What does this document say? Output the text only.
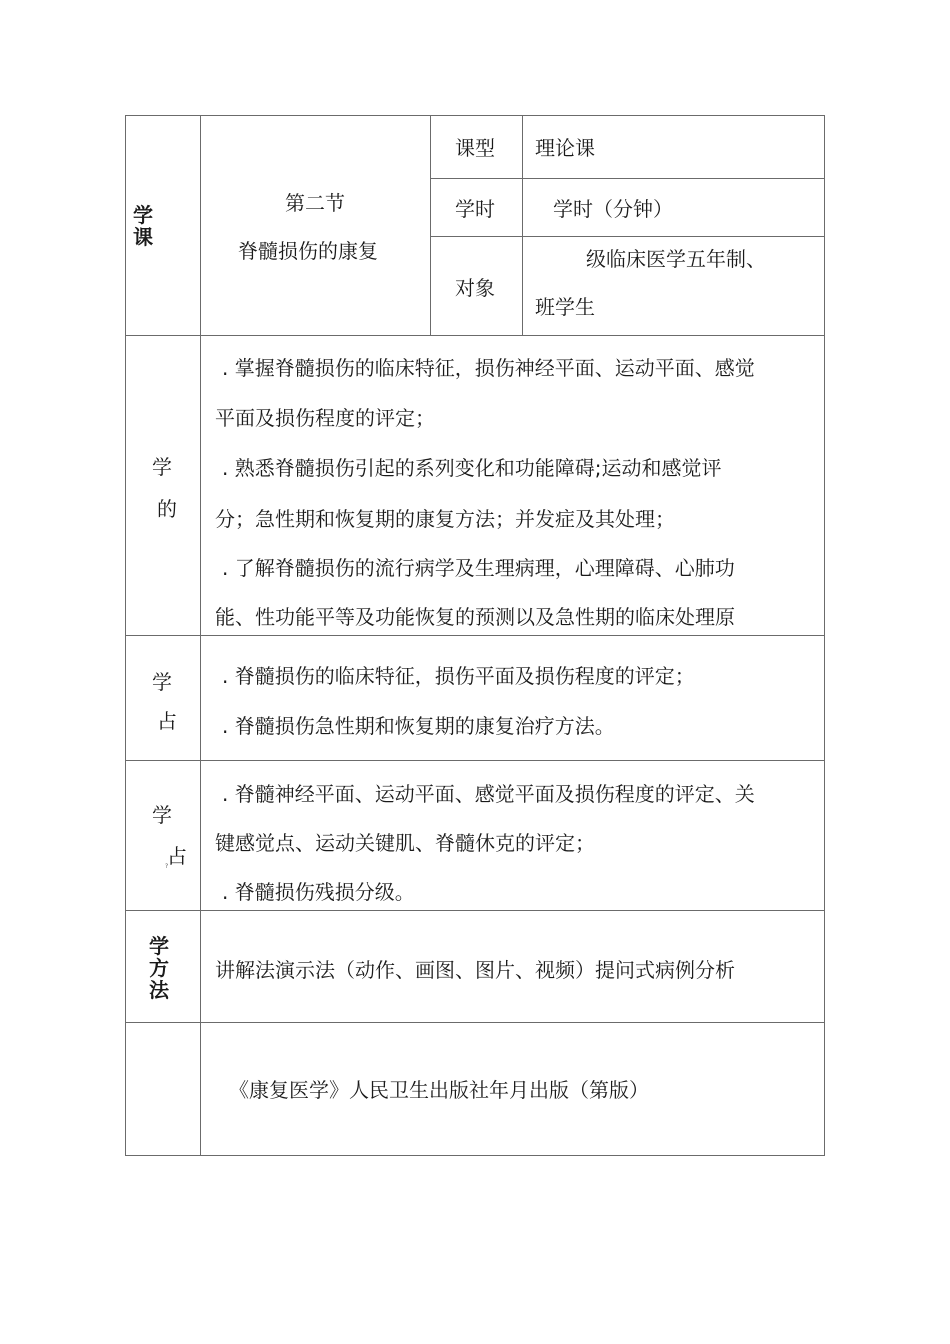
学课
第二节
脊髓损伤的康复
课型 理论课
学时	学时（分钟）
对象
级临床医学五年制、
班学生
学
的
. 掌握脊髓损伤的临床特征，损伤神经平面、运动平面、感觉
平面及损伤程度的评定；
. 熟悉脊髓损伤引起的系列变化和功能障碍;运动和感觉评
分；急性期和恢复期的康复方法；并发症及其处理；
. 了解脊髓损伤的流行病学及生理病理，心理障碍、心肺功
能、性功能平等及功能恢复的预测以及急性期的临床处理原
学
占
. 脊髓损伤的临床特征，损伤平面及损伤程度的评定；
. 脊髓损伤急性期和恢复期的康复治疗方法。
学
占
?
. 脊髓神经平面、运动平面、感觉平面及损伤程度的评定、关
键感觉点、运动关键肌、脊髓休克的评定；
. 脊髓损伤残损分级。
学方法
讲解法演示法（动作、画图、图片、视频）提问式病例分析
《康复医学》人民卫生出版社年月出版（第版）
